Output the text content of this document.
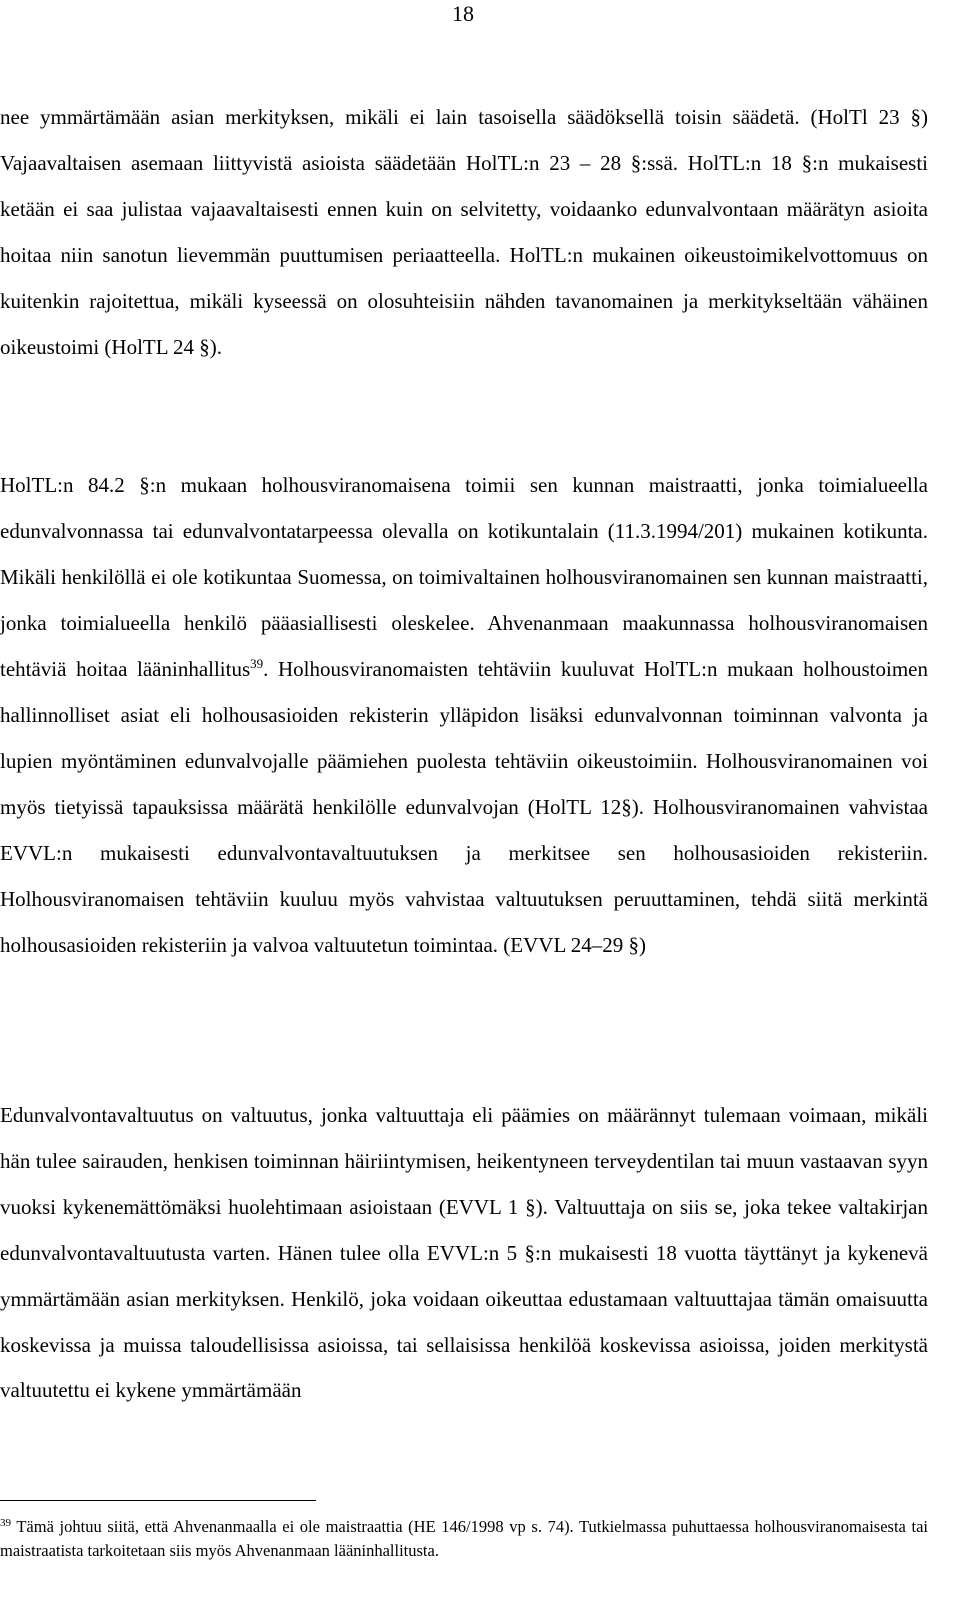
18

nee ymmärtämään asian merkityksen, mikäli ei lain tasoisella säädöksellä toisin säädetä. (HolTl 23 §) Vajaavaltaisen asemaan liittyvistä asioista säädetään HolTL:n 23 – 28 §:ssä. HolTL:n 18 §:n mukaisesti ketään ei saa julistaa vajaavaltaisesti ennen kuin on selvitetty, voidaanko edunvalvontaan määrätyn asioita hoitaa niin sanotun lievemmän puuttumisen periaatteella. HolTL:n mukainen oikeustoimikelvottomuus on kuitenkin rajoitettua, mikäli kyseessä on olosuhteisiin nähden tavanomainen ja merkitykseltään vähäinen oikeustoimi (HolTL 24 §).

HolTL:n 84.2 §:n mukaan holhousviranomaisena toimii sen kunnan maistraatti, jonka toimialueella edunvalvonnassa tai edunvalvontatarpeessa olevalla on kotikuntalain (11.3.1994/201) mukainen kotikunta. Mikäli henkilöllä ei ole kotikuntaa Suomessa, on toimivaltainen holhousviranomainen sen kunnan maistraatti, jonka toimialueella henkilö pääasiallisesti oleskelee. Ahvenanmaan maakunnassa holhousviranomaisen tehtäviä hoitaa lääninhallitus$^{39}$. Holhousviranomaisten tehtäviin kuuluvat HolTL:n mukaan holhoustoimen hallinnolliset asiat eli holhousasioiden rekisterin ylläpidon lisäksi edunvalvonnan toiminnan valvonta ja lupien myöntäminen edunvalvojalle päämiehen puolesta tehtäviin oikeustoimiin. Holhousviranomainen voi myös tietyissä tapauksissa määrätä henkilölle edunvalvojan (HolTL 12§). Holhousviranomainen vahvistaa EVVL:n mukaisesti edunvalvontavaltuutuksen ja merkitsee sen holhousasioiden rekisteriin. Holhousviranomaisen tehtäviin kuuluu myös vahvistaa valtuutuksen peruuttaminen, tehdä siitä merkintä holhousasioiden rekisteriin ja valvoa valtuutetun toimintaa. (EVVL 24–29 §)

Edunvalvontavaltuutus on valtuutus, jonka valtuuttaja eli päämies on määrännyt tulemaan voimaan, mikäli hän tulee sairauden, henkisen toiminnan häiriintymisen, heikentyneen terveydentilan tai muun vastaavan syyn vuoksi kykenemättömäksi huolehtimaan asioistaan (EVVL 1 §). Valtuuttaja on siis se, joka tekee valtakirjan edunvalvontavaltuutusta varten. Hänen tulee olla EVVL:n 5 §:n mukaisesti 18 vuotta täyttänyt ja kykenevä ymmärtämään asian merkityksen. Henkilö, joka voidaan oikeuttaa edustamaan valtuuttajaa tämän omaisuutta koskevissa ja muissa taloudellisissa asioissa, tai sellaisissa henkilöä koskevissa asioissa, joiden merkitystä valtuutettu ei kykene ymmärtämään

$^{39}$ Tämä johtuu siitä, että Ahvenanmaalla ei ole maistraattia (HE 146/1998 vp s. 74). Tutkielmassa puhuttaessa holhousviranomaisesta tai maistraatista tarkoitetaan siis myös Ahvenanmaan lääninhallitusta.
